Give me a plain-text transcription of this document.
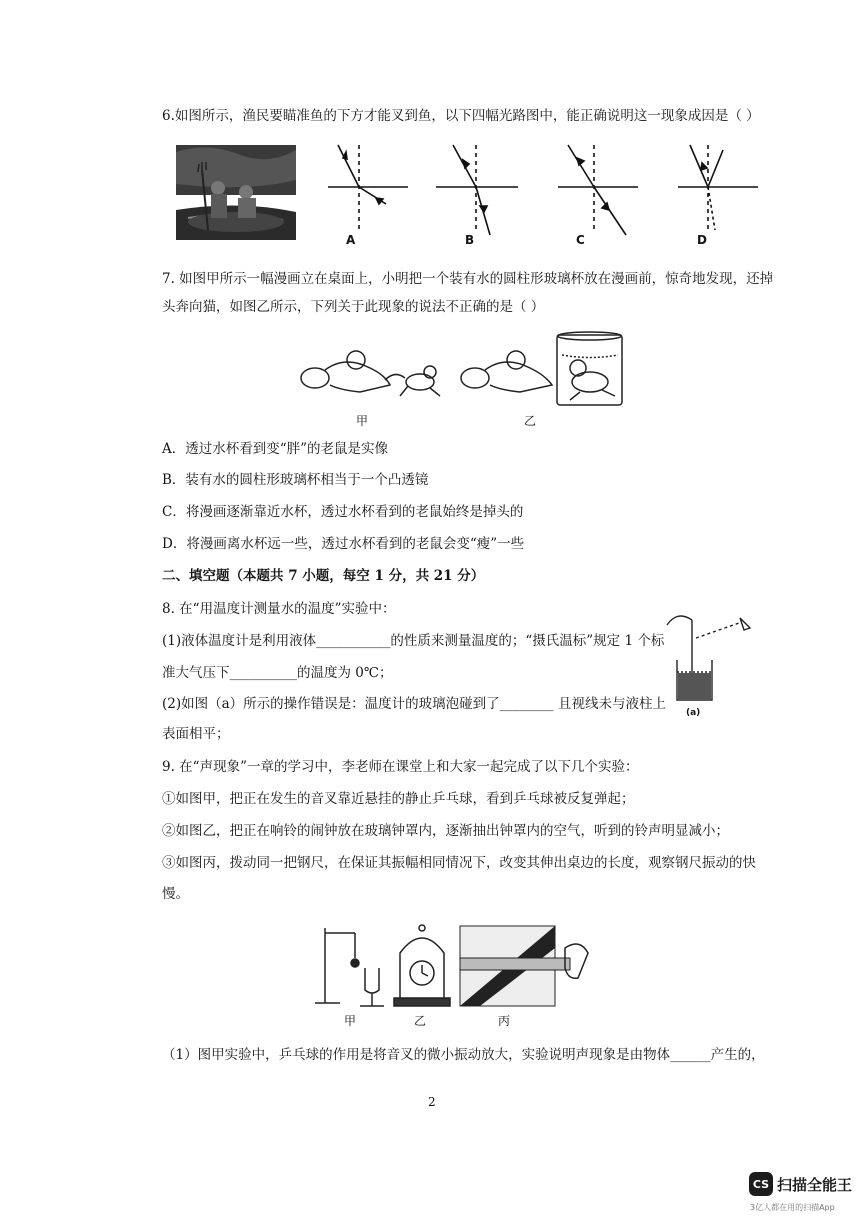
6.如图所示，渔民要瞄准鱼的下方才能叉到鱼，以下四幅光路图中，能正确说明这一现象成因是（ ）
A	B	C	D
7. 如图甲所示一幅漫画立在桌面上，小明把一个装有水的圆柱形玻璃杯放在漫画前，惊奇地发现，还掉
头奔向猫，如图乙所示，下列关于此现象的说法不正确的是（ ）
甲	乙
A．透过水杯看到变“胖”的老鼠是实像
B．装有水的圆柱形玻璃杯相当于一个凸透镜
C．将漫画逐渐靠近水杯，透过水杯看到的老鼠始终是掉头的
D．将漫画离水杯远一些，透过水杯看到的老鼠会变“瘦”一些
二、填空题（本题共 7 小题，每空 1 分，共 21 分）
8. 在“用温度计测量水的温度”实验中：
(1)液体温度计是利用液体___________的性质来测量温度的；“摄氏温标”规定 1 个标
准大气压下__________的温度为 0℃；
(2)如图（a）所示的操作错误是：温度计的玻璃泡碰到了________ 且视线未与液柱上
表面相平；
(a)
9. 在“声现象”一章的学习中，李老师在课堂上和大家一起完成了以下几个实验：
①如图甲，把正在发生的音叉靠近悬挂的静止乒乓球，看到乒乓球被反复弹起；
②如图乙，把正在响铃的闹钟放在玻璃钟罩内，逐渐抽出钟罩内的空气，听到的铃声明显减小；
③如图丙，拨动同一把钢尺，在保证其振幅相同情况下，改变其伸出桌边的长度，观察钢尺振动的快
慢。
甲	乙	丙
（1）图甲实验中，乒乓球的作用是将音叉的微小振动放大，实验说明声现象是由物体______产生的，
2
CS 扫描全能王
3亿人都在用的扫描App
